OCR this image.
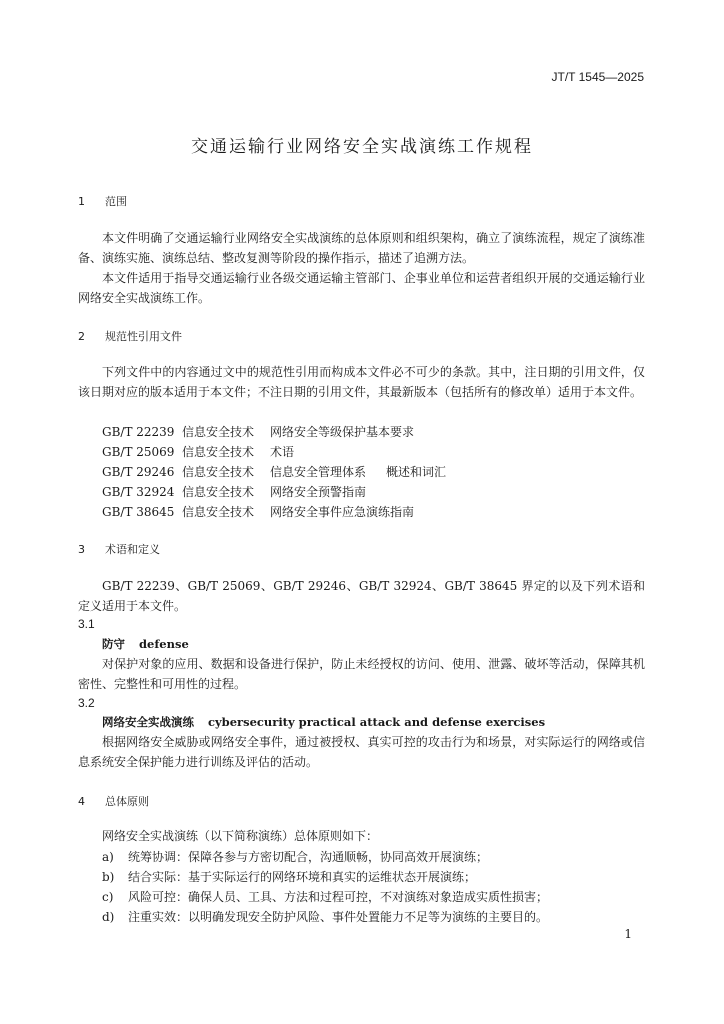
JT/T 1545—2025
交通运输行业网络安全实战演练工作规程
1 范围
本文件明确了交通运输行业网络安全实战演练的总体原则和组织架构，确立了演练流程，规定了演练准备、演练实施、演练总结、整改复测等阶段的操作指示，描述了追溯方法。
本文件适用于指导交通运输行业各级交通运输主管部门、企事业单位和运营者组织开展的交通运输行业网络安全实战演练工作。
2 规范性引用文件
下列文件中的内容通过文中的规范性引用而构成本文件必不可少的条款。其中，注日期的引用文件，仅该日期对应的版本适用于本文件；不注日期的引用文件，其最新版本（包括所有的修改单）适用于本文件。
GB/T 22239 信息安全技术 网络安全等级保护基本要求
GB/T 25069 信息安全技术 术语
GB/T 29246 信息安全技术 信息安全管理体系 概述和词汇
GB/T 32924 信息安全技术 网络安全预警指南
GB/T 38645 信息安全技术 网络安全事件应急演练指南
3 术语和定义
GB/T 22239、GB/T 25069、GB/T 29246、GB/T 32924、GB/T 38645 界定的以及下列术语和定义适用于本文件。
3.1
防守 defense
对保护对象的应用、数据和设备进行保护，防止未经授权的访问、使用、泄露、破坏等活动，保障其机密性、完整性和可用性的过程。
3.2
网络安全实战演练 cybersecurity practical attack and defense exercises
根据网络安全威胁或网络安全事件，通过被授权、真实可控的攻击行为和场景，对实际运行的网络或信息系统安全保护能力进行训练及评估的活动。
4 总体原则
网络安全实战演练（以下简称演练）总体原则如下：
a) 统筹协调：保障各参与方密切配合，沟通顺畅，协同高效开展演练；
b) 结合实际：基于实际运行的网络环境和真实的运维状态开展演练；
c) 风险可控：确保人员、工具、方法和过程可控，不对演练对象造成实质性损害；
d) 注重实效：以明确发现安全防护风险、事件处置能力不足等为演练的主要目的。
1
